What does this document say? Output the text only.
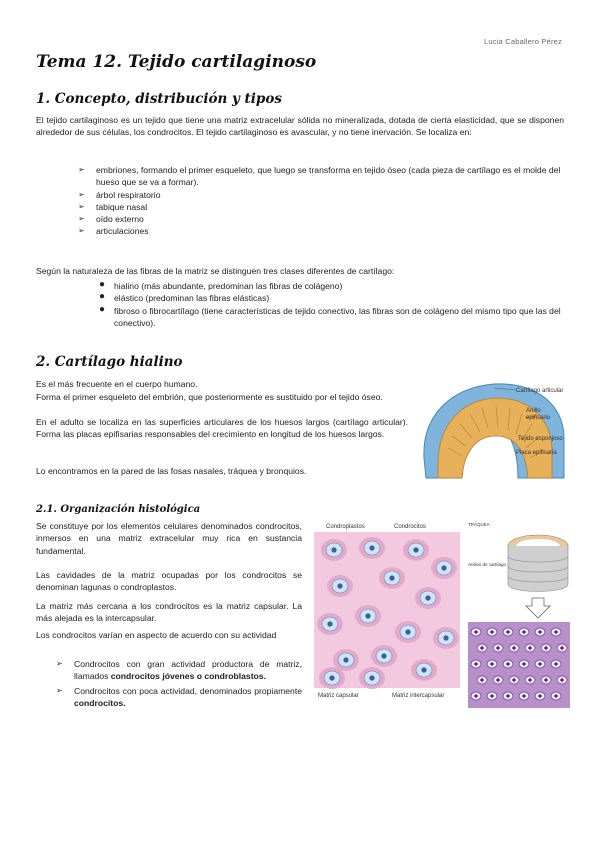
Lucia Caballero Pérez
Tema 12. Tejido cartilaginoso
1. Concepto, distribución y tipos
El tejido cartilaginoso es un tejido que tiene una matriz extracelular sólida no mineralizada, dotada de cierta elasticidad, que se disponen alrededor de sus células, los condrocitos. El tejido cartilaginoso es avascular, y no tiene inervación. Se localiza en:
➢ embriones, formando el primer esqueleto, que luego se transforma en tejido óseo (cada pieza de cartílago es el molde del hueso que se va a formar).
➢ árbol respiratorio
➢ tabique nasal
➢ oído externo
➢ articulaciones
Según la naturaleza de las fibras de la matriz se distinguen tres clases diferentes de cartílago:
● hialino (más abundante, predominan las fibras de colágeno)
● elástico (predominan las fibras elásticas)
● fibroso o fibrocartílago (tiene características de tejido conectivo, las fibras son de colágeno del mismo tipo que las del conectivo).
2. Cartílago hialino
Es el más frecuente en el cuerpo humano.
Forma el primer esqueleto del embrión, que posteriormente es sustituido por el tejido óseo.
En el adulto se localiza en las superficies articulares de los huesos largos (cartílago articular). Forma las placas epifisarias responsables del crecimiento en longitud de los huesos largos.
Lo encontramos en la pared de las fosas nasales, tráquea y bronquios.
Cartílago articular
Anillo
epifisario
Tejido esponjoso
Placa epifisaria
2.1. Organización histológica
Se constituye por los elementos celulares denominados condrocitos, inmersos en una matriz extracelular muy rica en sustancia fundamental.
Las cavidades de la matriz ocupadas por los condrocitos se denominan lagunas o condroplastos.
La matriz más cercana a los condrocitos es la matriz capsular. La más alejada es la intercapsular.
Los condrocitos varían en aspecto de acuerdo con su actividad
➢ Condrocitos con gran actividad productora de matriz, llamados condrocitos jóvenes o condroblastos.
➢ Condrocitos con poca actividad, denominados propiamente condrocitos.
Condroplastos	Condrocitos
Matriz capsular	Matriz intercapsular
TRÁQUEA
Anillos de cartílago
